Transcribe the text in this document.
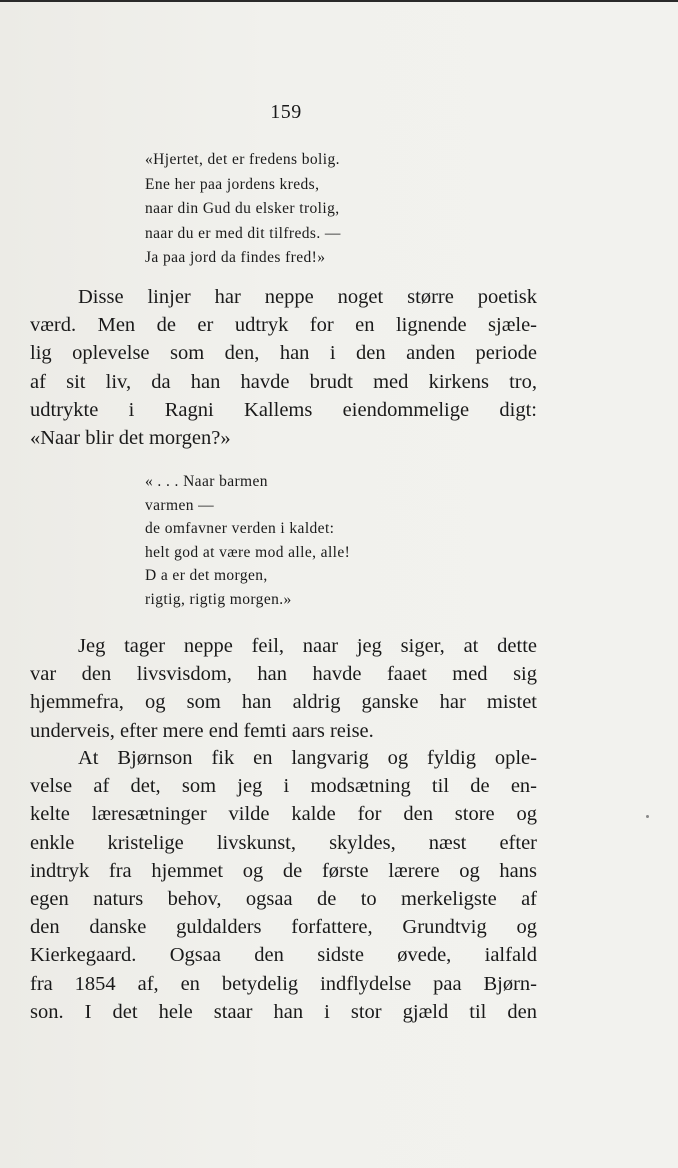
159
«Hjertet, det er fredens bolig.
Ene her paa jordens kreds,
naar din Gud du elsker trolig,
naar du er med dit tilfreds. —
Ja paa jord da findes fred!»
Disse linjer har neppe noget større poetisk
værd. Men de er udtryk for en lignende sjæle-
lig oplevelse som den, han i den anden periode
af sit liv, da han havde brudt med kirkens tro,
udtrykte i Ragni Kallems eiendommelige digt:
«Naar blir det morgen?»
« . . . Naar barmen
varmen —
de omfavner verden i kaldet:
helt god at være mod alle, alle!
D a er det morgen,
rigtig, rigtig morgen.»
Jeg tager neppe feil, naar jeg siger, at dette
var den livsvisdom, han havde faaet med sig
hjemmefra, og som han aldrig ganske har mistet
underveis, efter mere end femti aars reise.
At Bjørnson fik en langvarig og fyldig ople-
velse af det, som jeg i modsætning til de en-
kelte læresætninger vilde kalde for den store og
enkle kristelige livskunst, skyldes, næst efter
indtryk fra hjemmet og de første lærere og hans
egen naturs behov, ogsaa de to merkeligste af
den danske guldalders forfattere, Grundtvig og
Kierkegaard. Ogsaa den sidste øvede, ialfald
fra 1854 af, en betydelig indflydelse paa Bjørn-
son. I det hele staar han i stor gjæld til den
